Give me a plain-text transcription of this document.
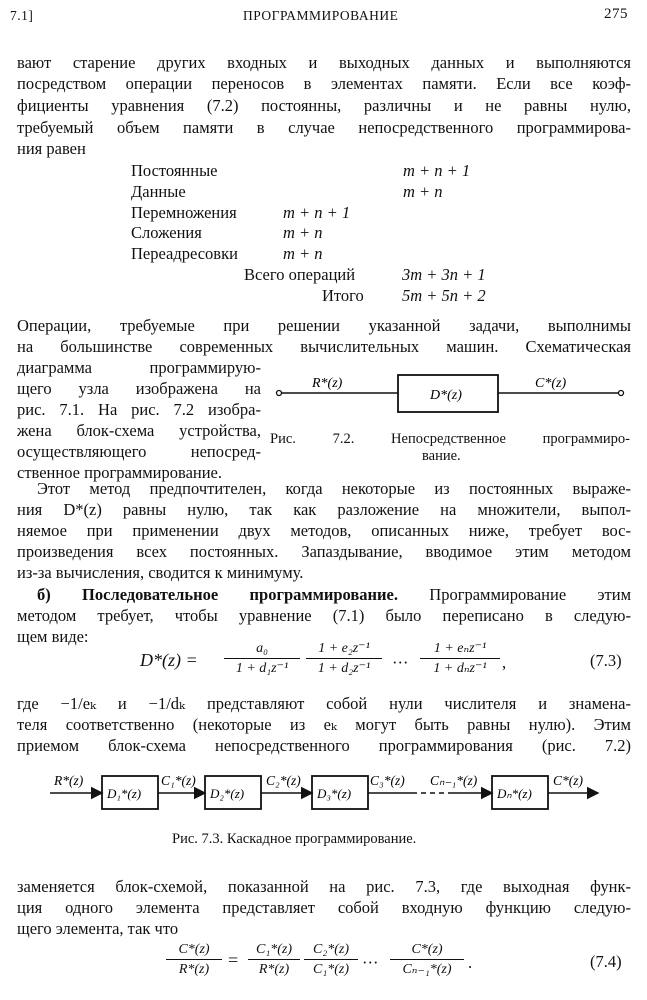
7.1]	ПРОГРАММИРОВАНИЕ	275
вают старение других входных и выходных данных и выполняются
посредством операции переносов в элементах памяти. Если все коэф-
фициенты уравнения (7.2) постоянны, различны и не равны нулю,
требуемый объем памяти в случае непосредственного программирова-
ния равен
Постоянные	m + n + 1
Данные	m + n
Перемножения	m + n + 1
Сложения	m + n
Переадресовки	m + n
Всего операций	3m + 3n + 1
Итого 5m + 5n + 2
Операции, требуемые при решении указанной задачи, выполнимы
на большинстве современных вычислительных машин. Схематическая
диаграмма программирую-
щего узла изображена на
рис. 7.1. На рис. 7.2 изобра-
жена блок-схема устройства,
осуществляющего непосред-
ственное программирование.
R*(z)
D*(z)
C*(z)
Рис. 7.2. Непосредственное программиро-
вание.
Этот метод предпочтителен, когда некоторые из постоянных выраже-
ния D*(z) равны нулю, так как разложение на множители, выпол-
няемое при применении двух методов, описанных ниже, требует вос-
произведения всех постоянных. Запаздывание, вводимое этим методом
из-за вычисления, сводится к минимуму.
б) Последовательное программирование. Программирование этим
методом требует, чтобы уравнение (7.1) было переписано в следую-
щем виде:
D*(z) =
a₀
1 + d₁z⁻¹
1 + e₂z⁻¹
1 + d₂z⁻¹	···
1 + eₙz⁻¹
1 + dₙz⁻¹ ,	(7.3)
где −1/eₖ и −1/dₖ представляют собой нули числителя и знамена-
теля соответственно (некоторые из eₖ могут быть равны нулю). Этим
приемом блок-схема непосредственного программирования (рис. 7.2)
R*(z)
D₁*(z)
C₁*(z)
D₂*(z)
C₂*(z)
D₃*(z)
C₃*(z) Cₙ₋₁*(z)
Dₙ*(z)
C*(z)
Рис. 7.3. Каскадное программирование.
заменяется блок-схемой, показанной на рис. 7.3, где выходная функ-
ция одного элемента представляет собой входную функцию следую-
щего элемента, так что
C*(z)
R*(z)	=
C₁*(z)
R*(z)
C₂*(z)
C₁*(z) ···
C*(z)
Cₙ₋₁*(z) .	(7.4)
